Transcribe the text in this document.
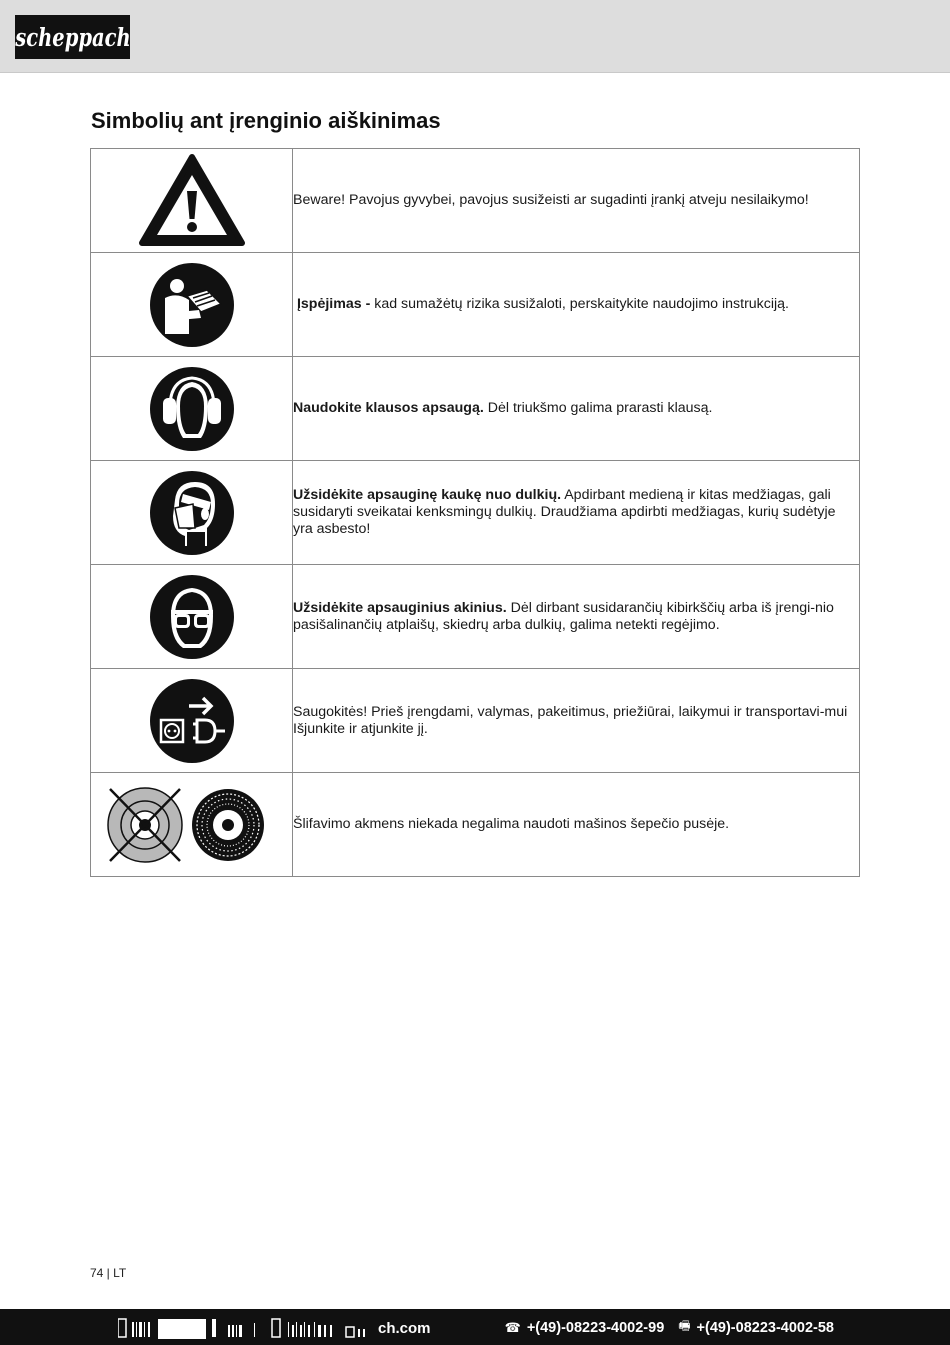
scheppach
Simbolių ant įrenginio aiškinimas
	Beware! Pavojus gyvybei, pavojus susižeisti ar sugadinti įrankį atveju nesilaikymo!

	Įspėjimas - kad sumažėtų rizika susižaloti, perskaitykite naudojimo instrukciją.

	Naudokite klausos apsaugą. Dėl triukšmo galima prarasti klausą.

	Užsidėkite apsauginę kaukę nuo dulkių. Apdirbant medieną ir kitas medžiagas, gali susidaryti sveikatai kenksmingų dulkių. Draudžiama apdirbti medžiagas, kurių sudėtyje yra asbesto!

	Užsidėkite apsauginius akinius. Dėl dirbant susidarančių kibirkščių arba iš įrengi-nio pasišalinančių atplaišų, skiedrų arba dulkių, galima netekti regėjimo.

	Saugokitės! Prieš įrengdami, valymas, pakeitimus, priežiūrai, laikymui ir transportavi-mui Išjunkite ir atjunkite jį.

	Šlifavimo akmens niekada negalima naudoti mašinos šepečio pusėje.
74 | LT
ch.com	☎ +(49)-08223-4002-99 🖷 +(49)-08223-4002-58
